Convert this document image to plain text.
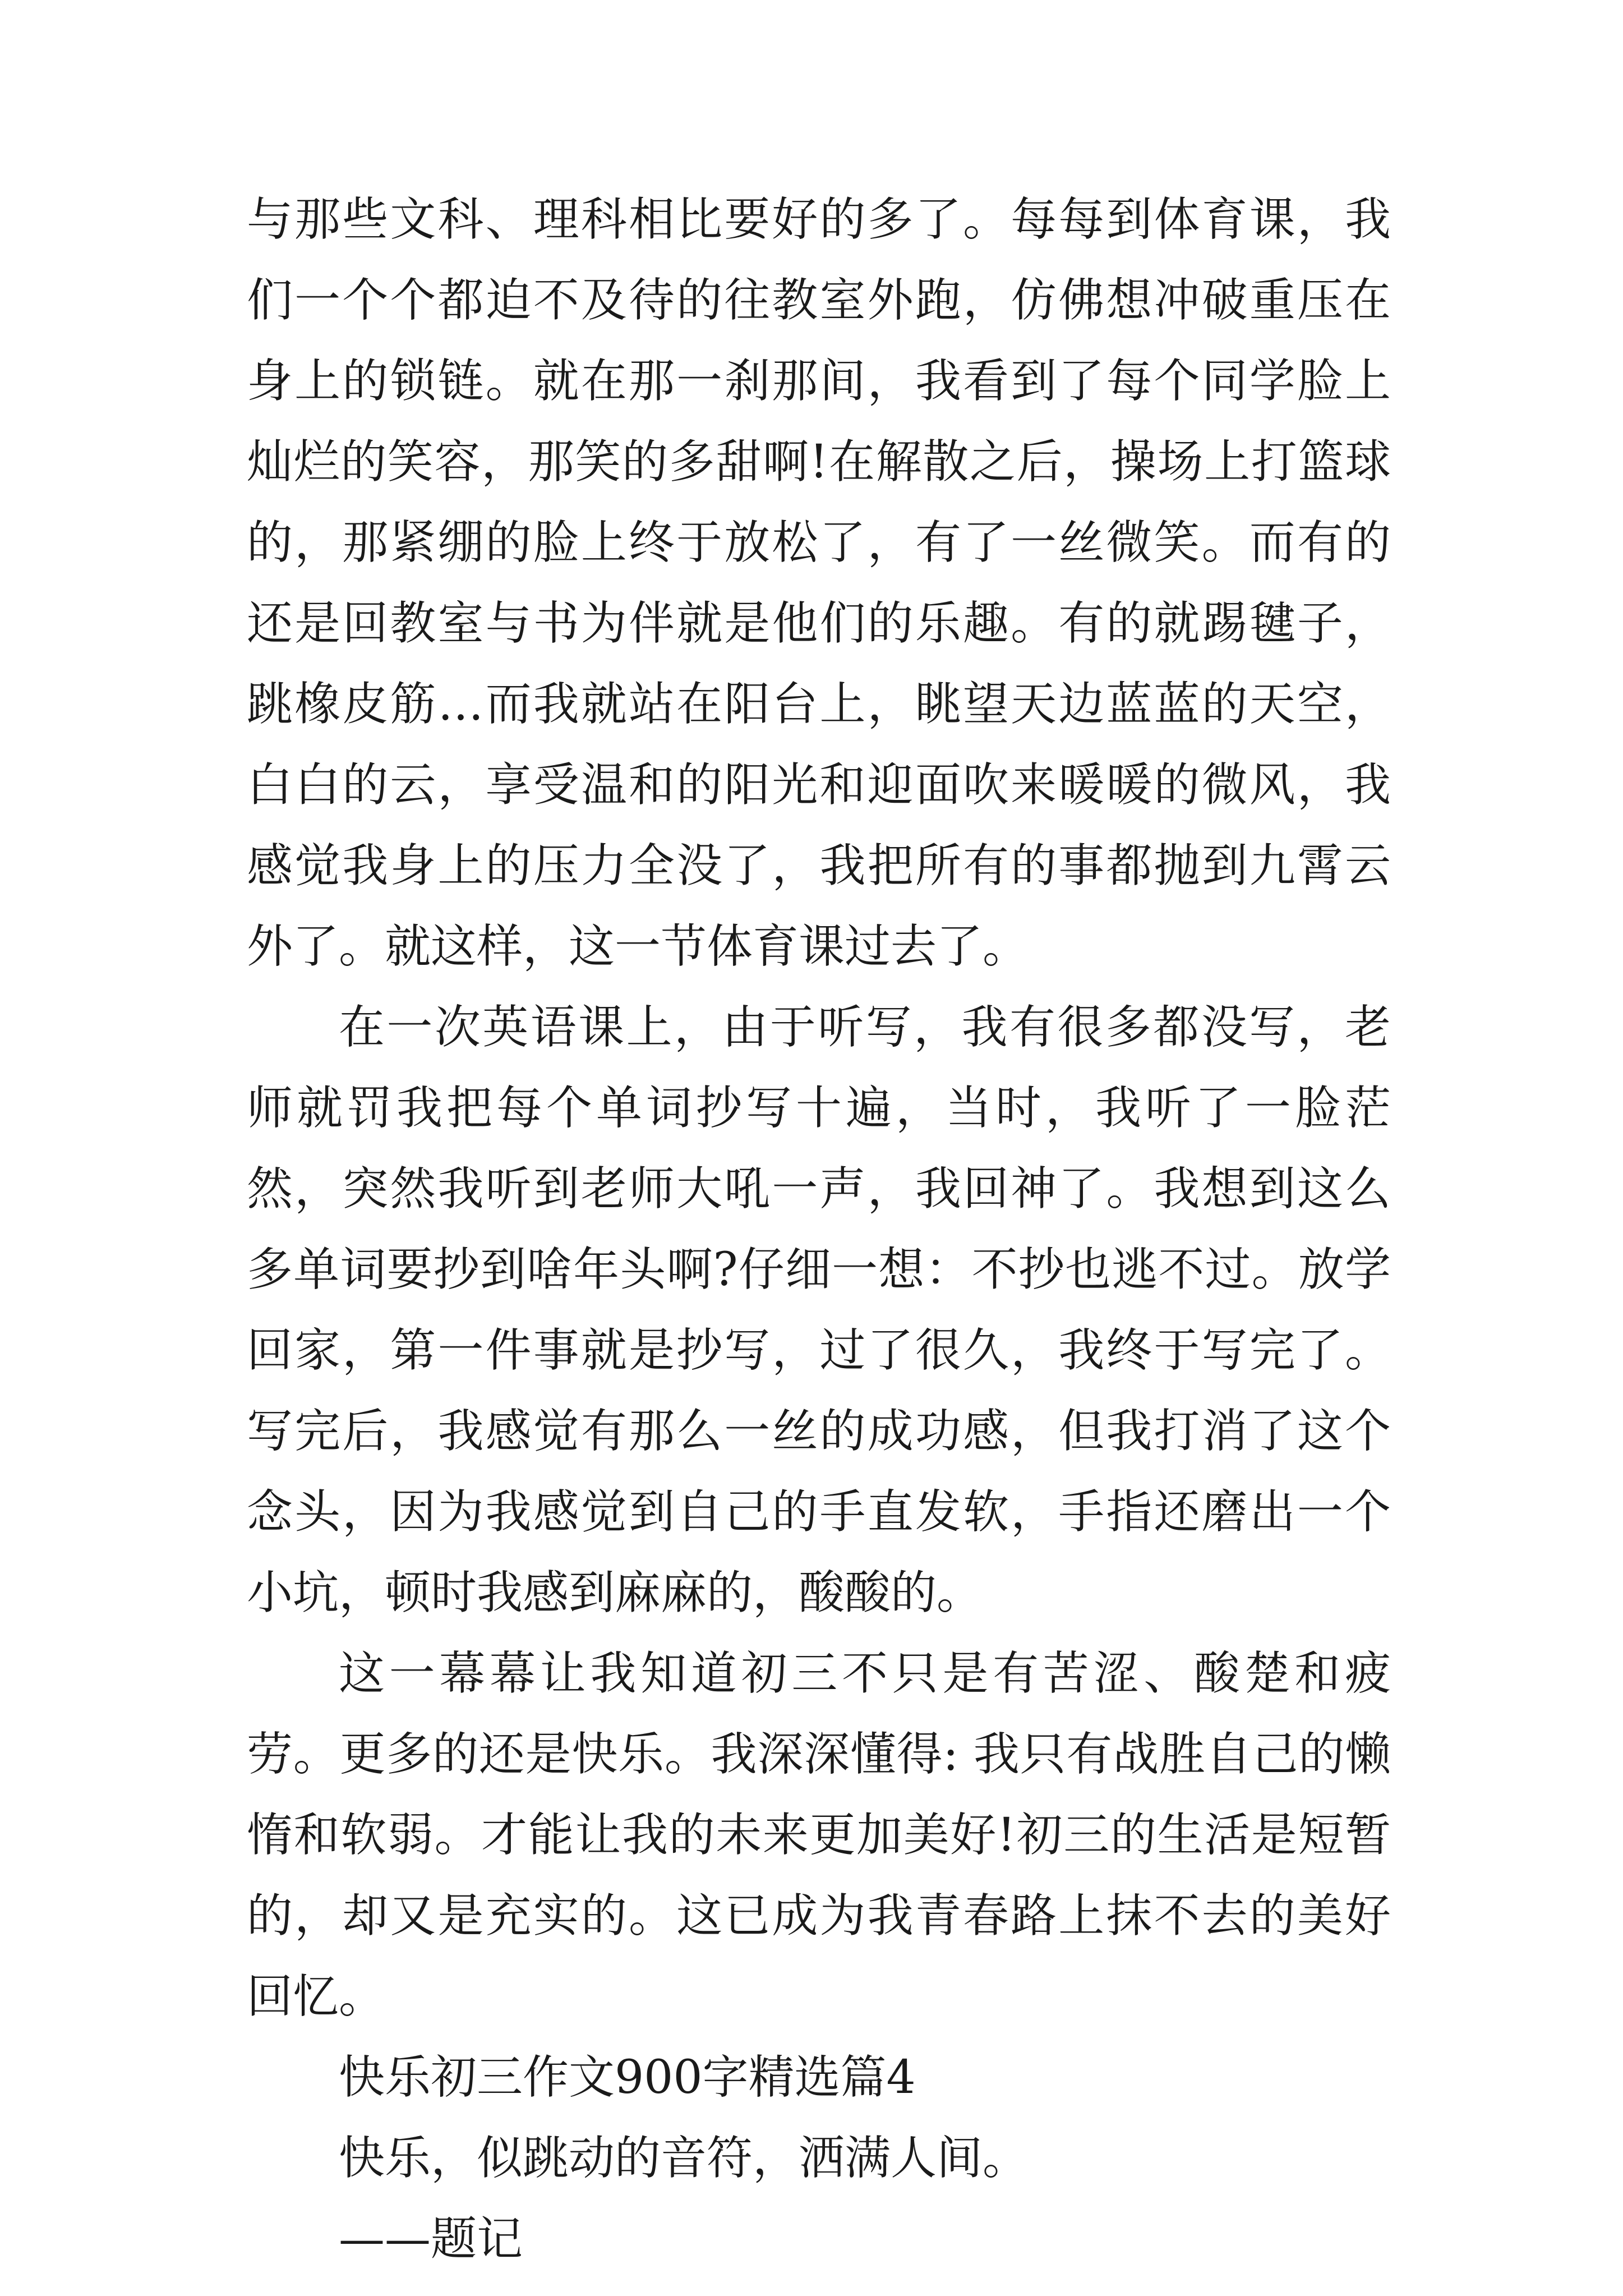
与那些文科、理科相比要好的多了。每每到体育课，我们一个个都迫不及待的往教室外跑，仿佛想冲破重压在身上的锁链。就在那一刹那间，我看到了每个同学脸上灿烂的笑容，那笑的多甜啊!在解散之后，操场上打篮球的，那紧绷的脸上终于放松了，有了一丝微笑。而有的还是回教室与书为伴就是他们的乐趣。有的就踢毽子，跳橡皮筋…而我就站在阳台上，眺望天边蓝蓝的天空，白白的云，享受温和的阳光和迎面吹来暖暖的微风，我感觉我身上的压力全没了，我把所有的事都抛到九霄云外了。就这样，这一节体育课过去了。

在一次英语课上，由于听写，我有很多都没写，老师就罚我把每个单词抄写十遍，当时，我听了一脸茫然，突然我听到老师大吼一声，我回神了。我想到这么多单词要抄到啥年头啊?仔细一想：不抄也逃不过。放学回家，第一件事就是抄写，过了很久，我终于写完了。写完后，我感觉有那么一丝的成功感，但我打消了这个念头，因为我感觉到自己的手直发软，手指还磨出一个小坑，顿时我感到麻麻的，酸酸的。

这一幕幕让我知道初三不只是有苦涩、酸楚和疲劳。更多的还是快乐。我深深懂得: 我只有战胜自己的懒惰和软弱。才能让我的未来更加美好!初三的生活是短暂的，却又是充实的。这已成为我青春路上抹不去的美好回忆。

快乐初三作文900字精选篇4

快乐，似跳动的音符，洒满人间。

——题记
